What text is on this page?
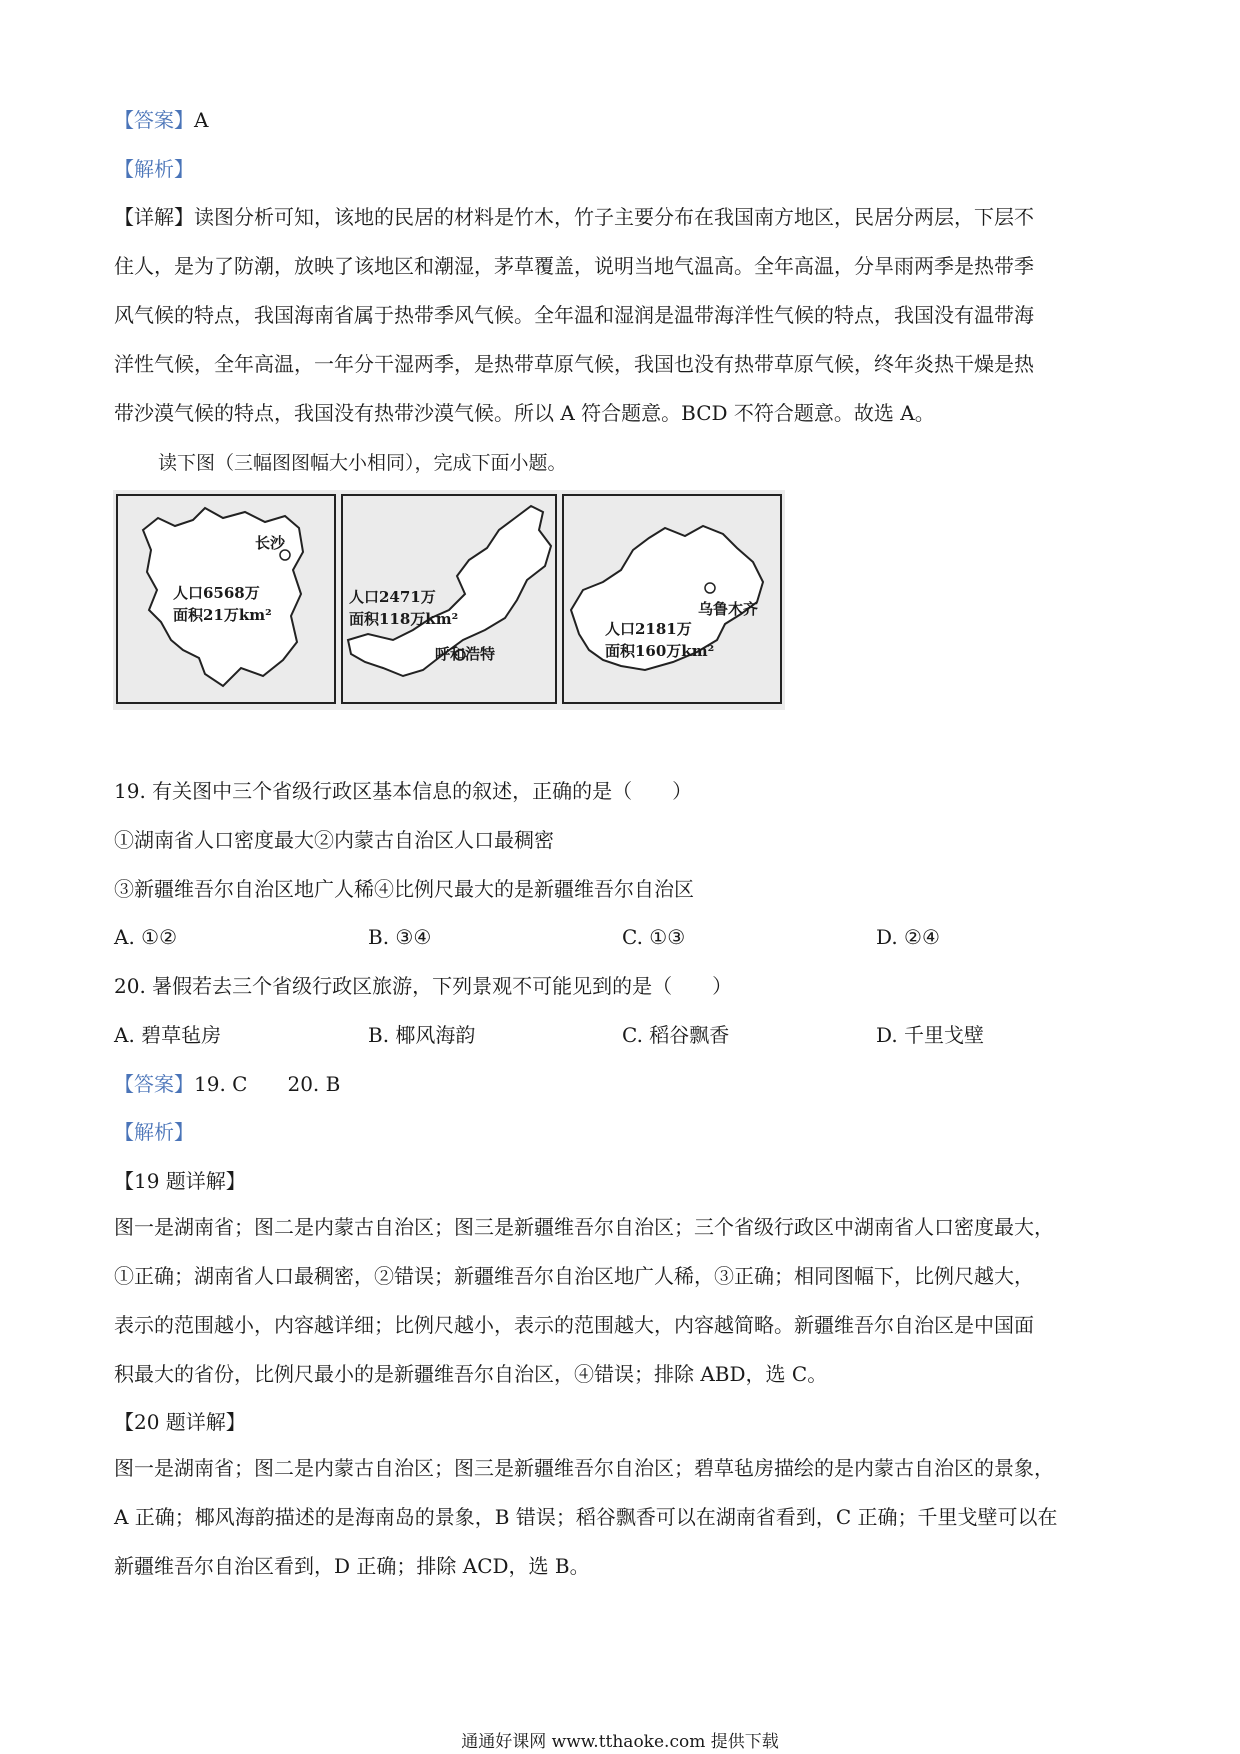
【答案】A
【解析】
【详解】读图分析可知，该地的民居的材料是竹木，竹子主要分布在我国南方地区，民居分两层，下层不
住人，是为了防潮，放映了该地区和潮湿，茅草覆盖，说明当地气温高。全年高温，分旱雨两季是热带季
风气候的特点，我国海南省属于热带季风气候。全年温和湿润是温带海洋性气候的特点，我国没有温带海
洋性气候，全年高温，一年分干湿两季，是热带草原气候，我国也没有热带草原气候，终年炎热干燥是热
带沙漠气候的特点，我国没有热带沙漠气候。所以 A 符合题意。BCD 不符合题意。故选 A。
读下图（三幅图图幅大小相同），完成下面小题。
长沙
人口6568万
面积21万km²
呼和浩特
人口2471万
面积118万km²
乌鲁木齐
人口2181万
面积160万km²
19. 有关图中三个省级行政区基本信息的叙述，正确的是（　　）
①湖南省人口密度最大②内蒙古自治区人口最稠密
③新疆维吾尔自治区地广人稀④比例尺最大的是新疆维吾尔自治区
A. ①②	B. ③④	C. ①③	D. ②④
20. 暑假若去三个省级行政区旅游，下列景观不可能见到的是（　　）
A. 碧草毡房	B. 椰风海韵	C. 稻谷飘香	D. 千里戈壁
【答案】19. C　　20. B
【解析】
【19 题详解】
图一是湖南省；图二是内蒙古自治区；图三是新疆维吾尔自治区；三个省级行政区中湖南省人口密度最大，
①正确；湖南省人口最稠密，②错误；新疆维吾尔自治区地广人稀，③正确；相同图幅下，比例尺越大，
表示的范围越小，内容越详细；比例尺越小，表示的范围越大，内容越简略。新疆维吾尔自治区是中国面
积最大的省份，比例尺最小的是新疆维吾尔自治区，④错误；排除 ABD，选 C。
【20 题详解】
图一是湖南省；图二是内蒙古自治区；图三是新疆维吾尔自治区；碧草毡房描绘的是内蒙古自治区的景象，
A 正确；椰风海韵描述的是海南岛的景象，B 错误；稻谷飘香可以在湖南省看到，C 正确；千里戈壁可以在
新疆维吾尔自治区看到，D 正确；排除 ACD，选 B。
通通好课网 www.tthaoke.com 提供下载
